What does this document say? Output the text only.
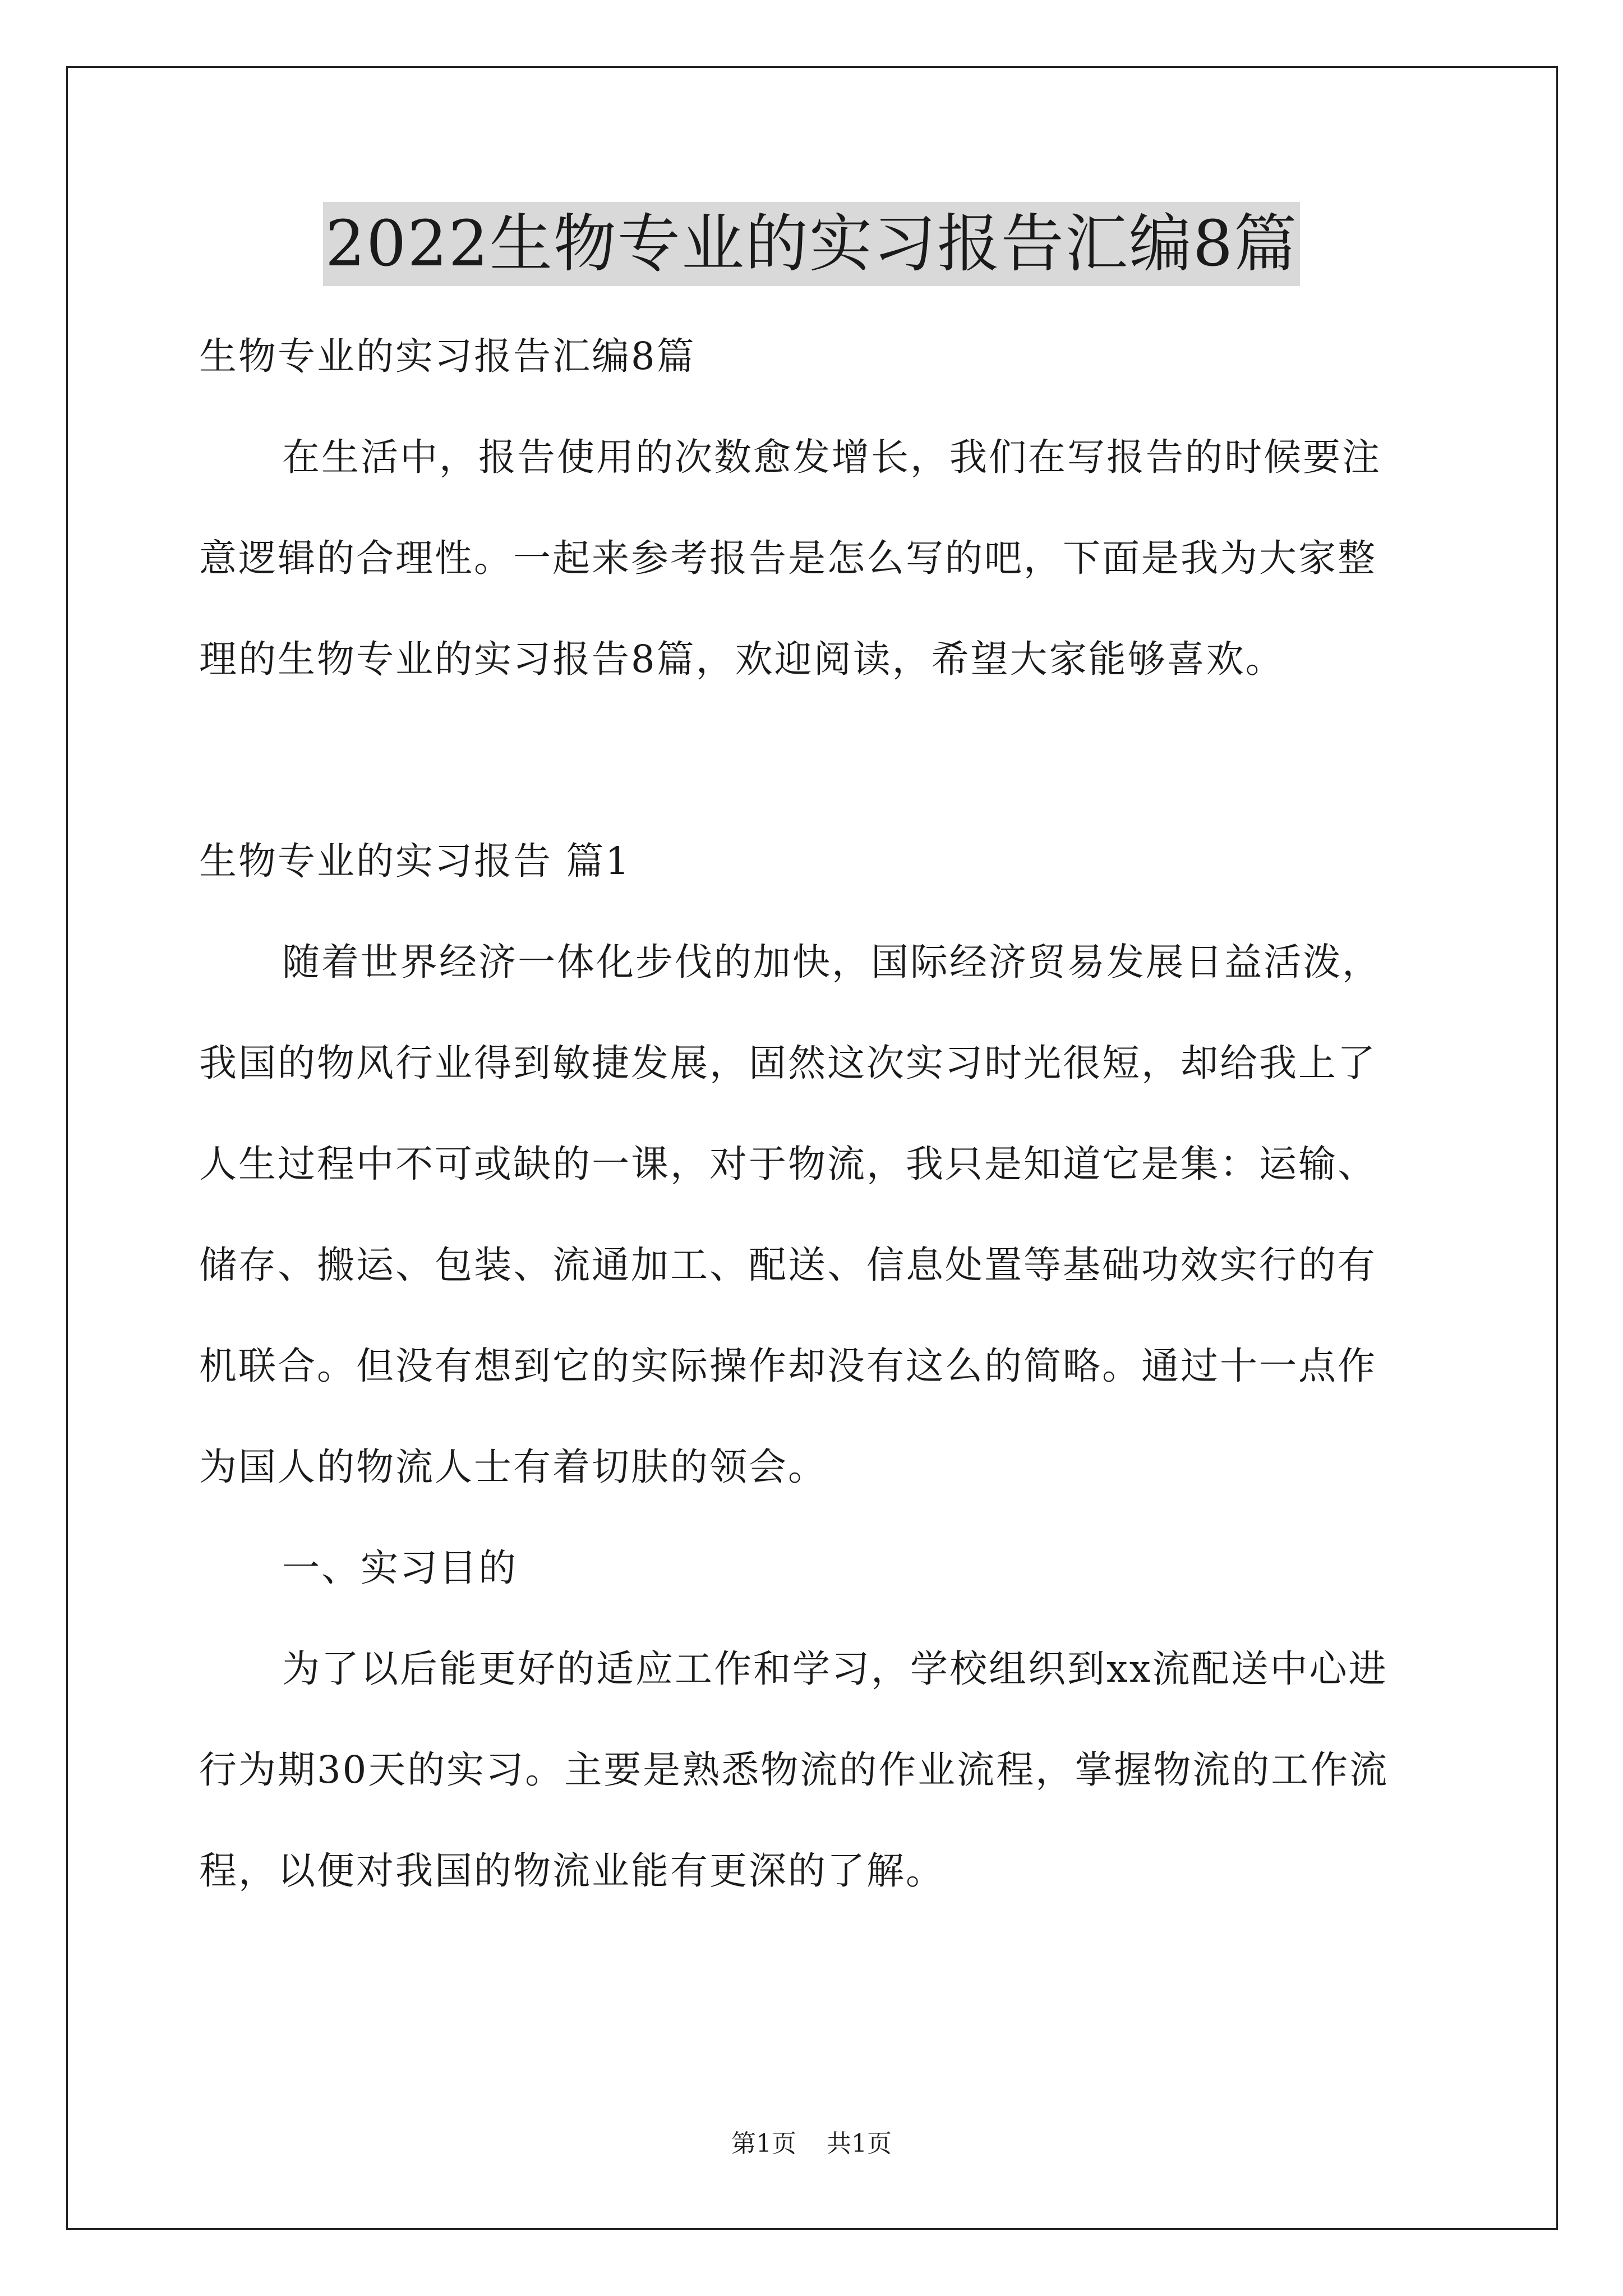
2022生物专业的实习报告汇编8篇
生物专业的实习报告汇编8篇
在生活中，报告使用的次数愈发增长，我们在写报告的时候要注
意逻辑的合理性。一起来参考报告是怎么写的吧，下面是我为大家整
理的生物专业的实习报告8篇，欢迎阅读，希望大家能够喜欢。
生物专业的实习报告 篇1
随着世界经济一体化步伐的加快，国际经济贸易发展日益活泼，
我国的物风行业得到敏捷发展，固然这次实习时光很短，却给我上了
人生过程中不可或缺的一课，对于物流，我只是知道它是集：运输、
储存、搬运、包装、流通加工、配送、信息处置等基础功效实行的有
机联合。但没有想到它的实际操作却没有这么的简略。通过十一点作
为国人的物流人士有着切肤的领会。
一、实习目的
为了以后能更好的适应工作和学习，学校组织到xx流配送中心进
行为期30天的实习。主要是熟悉物流的作业流程，掌握物流的工作流
程，以便对我国的物流业能有更深的了解。
第1页 共1页
